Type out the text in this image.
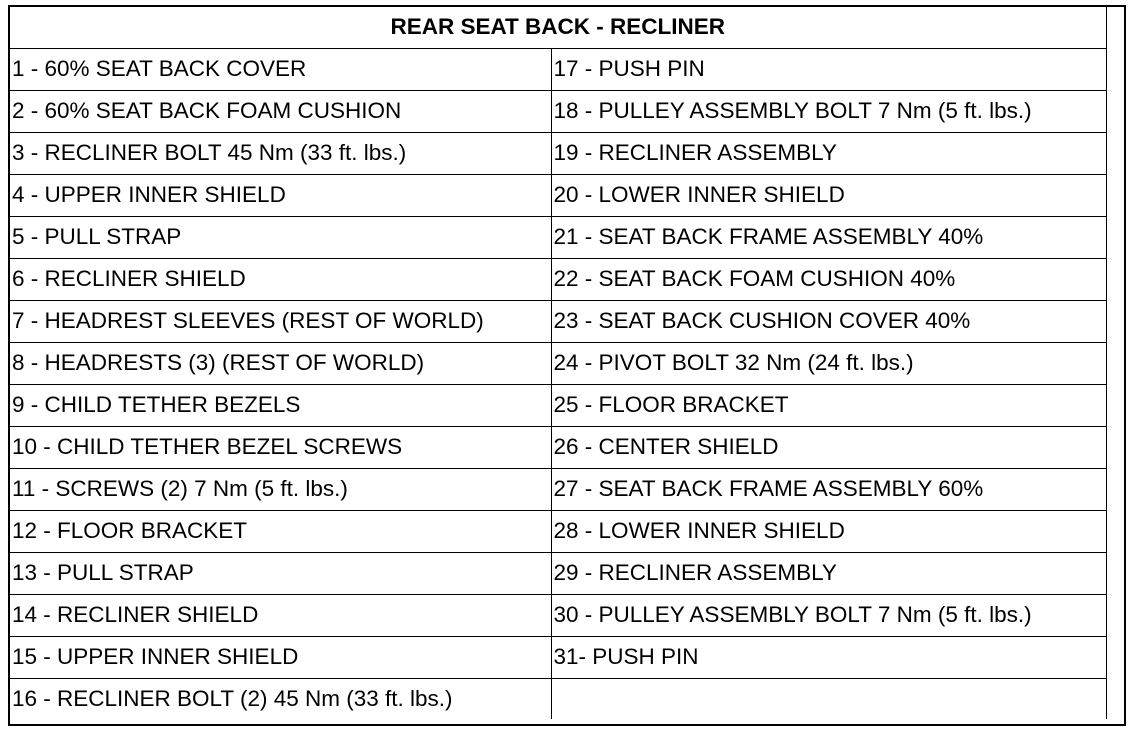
REAR SEAT BACK - RECLINER	
1 - 60% SEAT BACK COVER	17 - PUSH PIN
2 - 60% SEAT BACK FOAM CUSHION	18 - PULLEY ASSEMBLY BOLT 7 Nm (5 ft. lbs.)
3 - RECLINER BOLT 45 Nm (33 ft. lbs.)	19 - RECLINER ASSEMBLY
4 - UPPER INNER SHIELD	20 - LOWER INNER SHIELD
5 - PULL STRAP	21 - SEAT BACK FRAME ASSEMBLY 40%
6 - RECLINER SHIELD	22 - SEAT BACK FOAM CUSHION 40%
7 - HEADREST SLEEVES (REST OF WORLD)	23 - SEAT BACK CUSHION COVER 40%
8 - HEADRESTS (3) (REST OF WORLD)	24 - PIVOT BOLT 32 Nm (24 ft. lbs.)
9 - CHILD TETHER BEZELS	25 - FLOOR BRACKET
10 - CHILD TETHER BEZEL SCREWS	26 - CENTER SHIELD
11 - SCREWS (2) 7 Nm (5 ft. lbs.)	27 - SEAT BACK FRAME ASSEMBLY 60%
12 - FLOOR BRACKET	28 - LOWER INNER SHIELD
13 - PULL STRAP	29 - RECLINER ASSEMBLY
14 - RECLINER SHIELD	30 - PULLEY ASSEMBLY BOLT 7 Nm (5 ft. lbs.)
15 - UPPER INNER SHIELD	31- PUSH PIN
16 - RECLINER BOLT (2) 45 Nm (33 ft. lbs.)	
